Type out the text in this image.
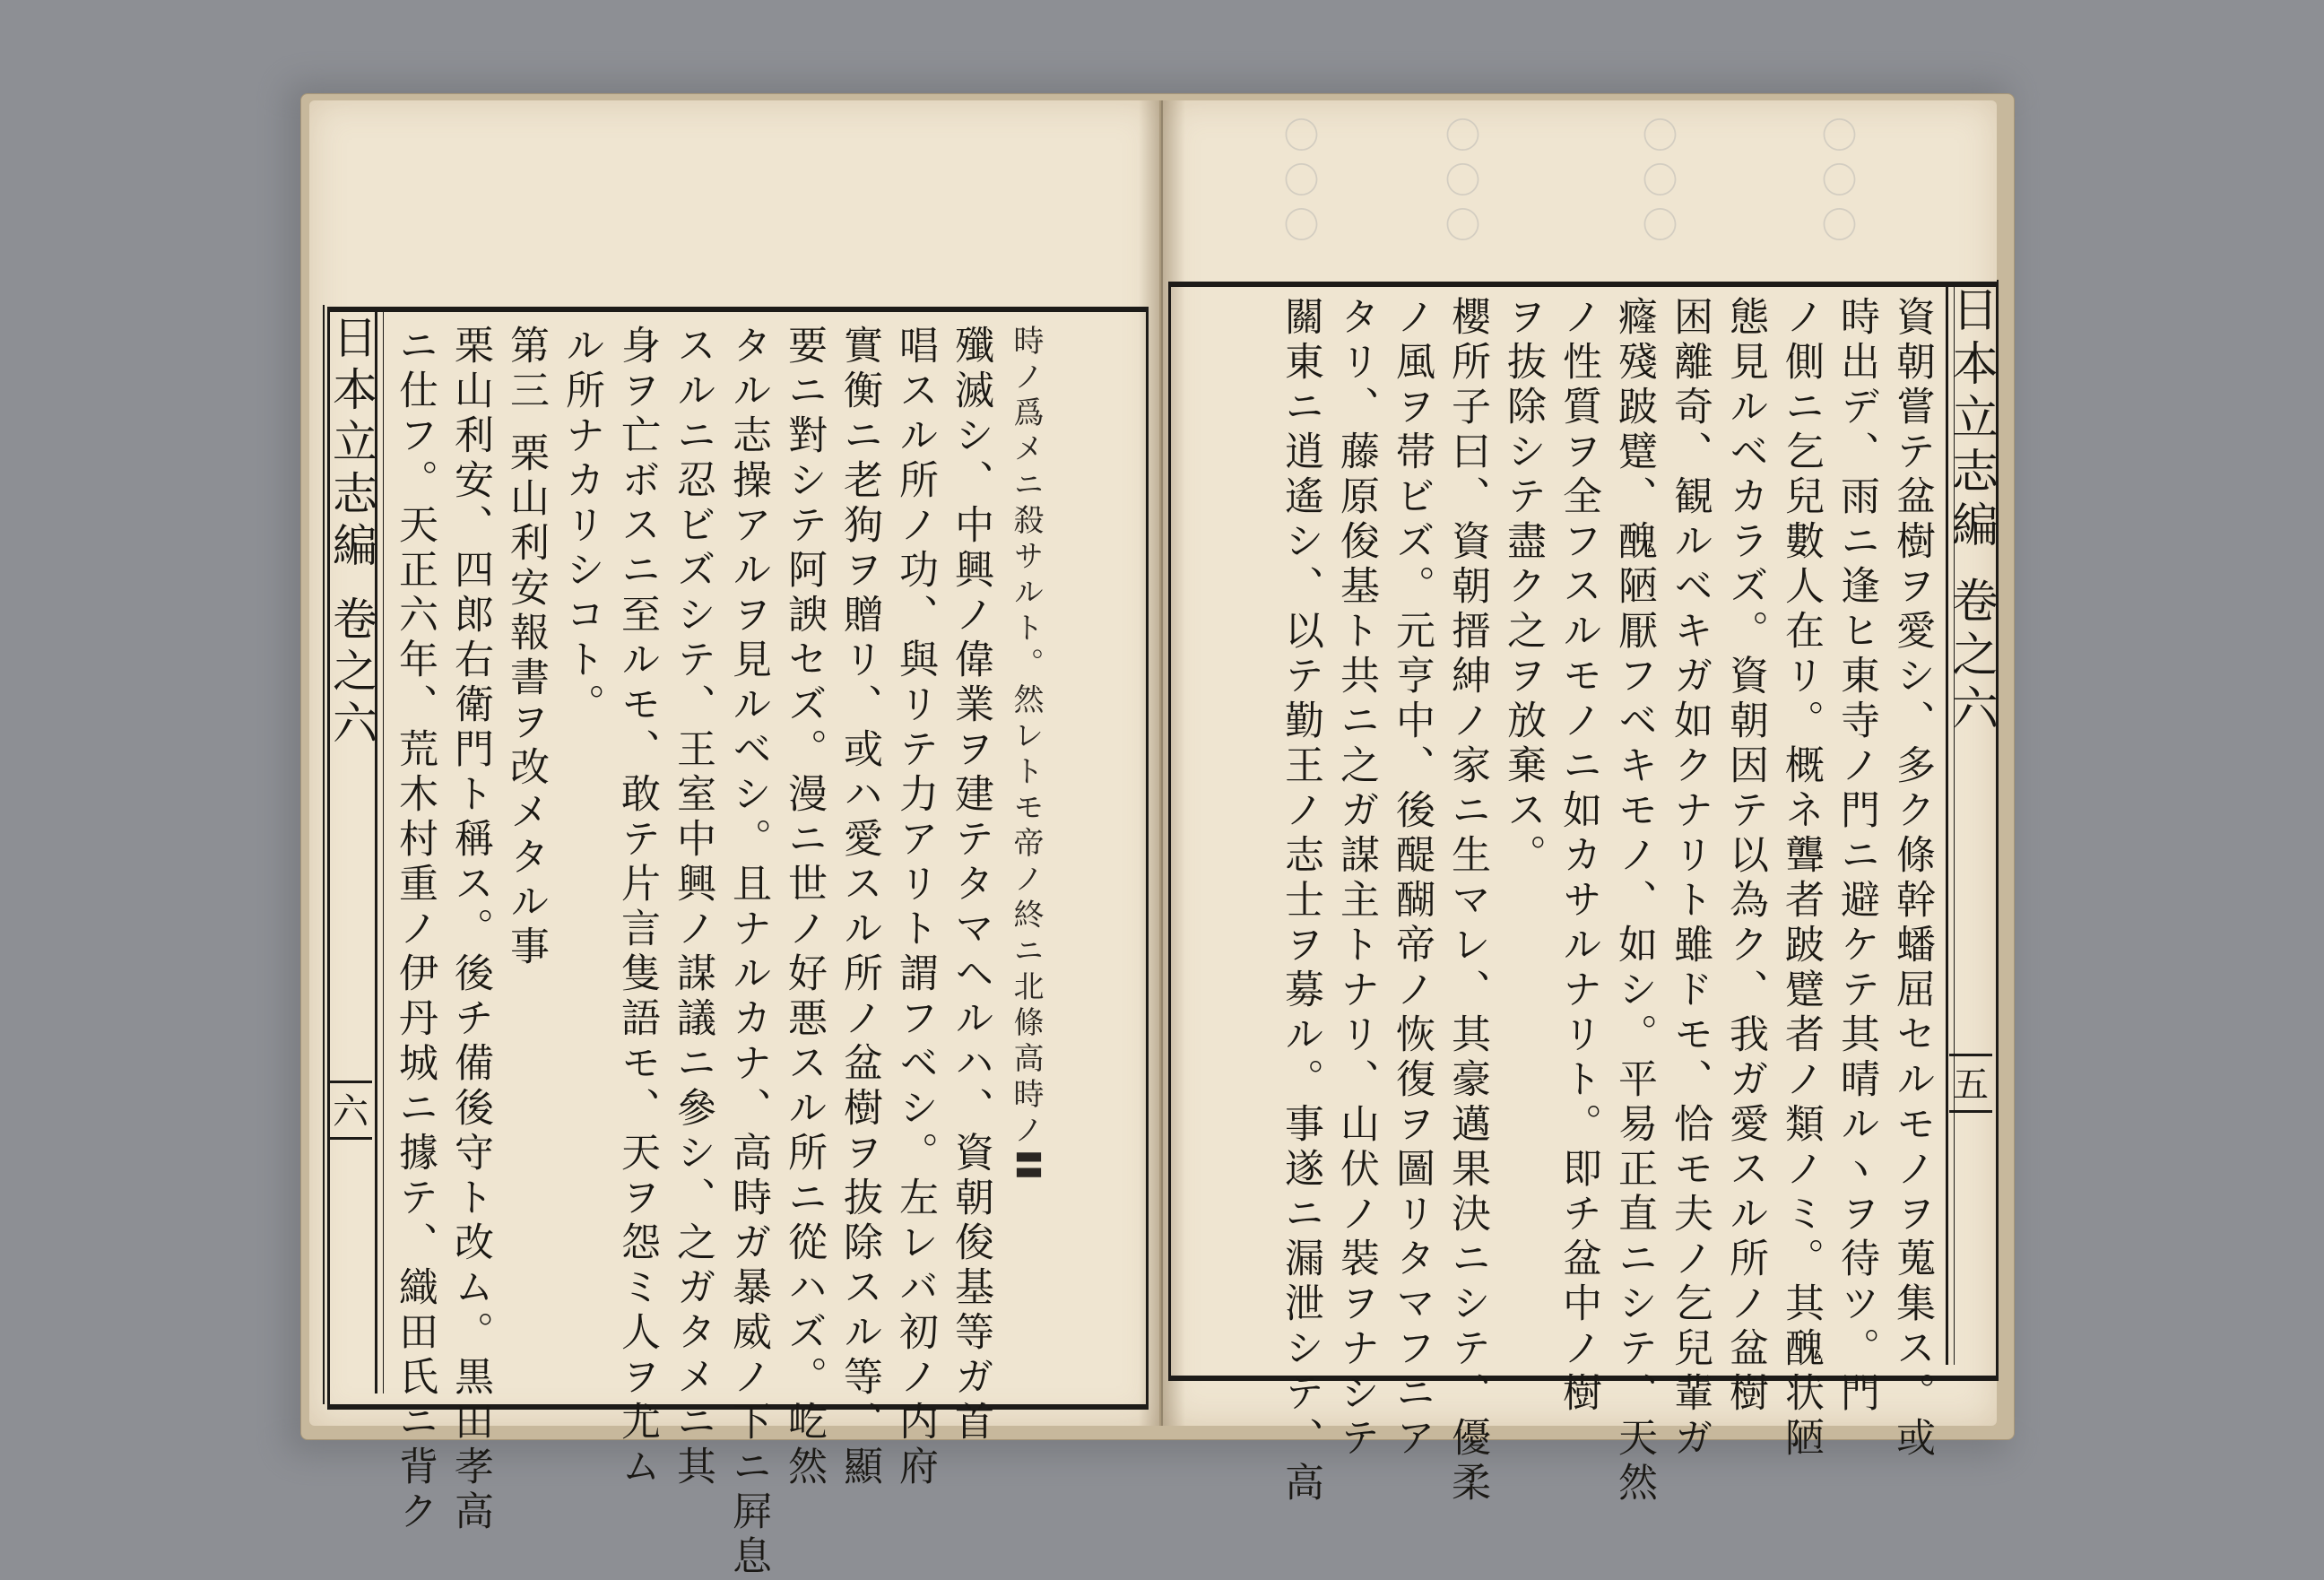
〇〇〇	〇〇〇	〇〇〇	〇〇〇
日本立志編 卷之六
日本立志編 卷之六
五
六	資朝嘗テ盆樹ヲ愛シ、多ク條幹蟠屈セルモノヲ蒐集ス。或
時出デ、雨ニ逢ヒ東寺ノ門ニ避ケテ其晴ルヽヲ待ツ。門
ノ側ニ乞兒數人在リ。概ネ聾者跛躄者ノ類ノミ。其醜状陋
態見ルベカラズ。資朝因テ以為ク、我ガ愛スル所ノ盆樹
困離奇、観ルベキガ如クナリト雖ドモ、恰モ夫ノ乞兒輩ガ
癃殘跛躄、醜陋厭フベキモノ、如シ。平易正直ニシテ、天然
ノ性質ヲ全フスルモノニ如カサルナリト。即チ盆中ノ樹
ヲ抜除シテ盡ク之ヲ放棄ス。
櫻所子曰、資朝搢紳ノ家ニ生マレ、其豪邁果決ニシテ、優柔
ノ風ヲ帯ビズ。元亨中、後醍醐帝ノ恢復ヲ圖リタマフニア
タリ、藤原俊基ト共ニ之ガ謀主トナリ、山伏ノ裝ヲナシテ
關東ニ逍遙シ、以テ勤王ノ志士ヲ募ル。事遂ニ漏泄シテ、高
時ノ爲メニ殺サルト。然レトモ帝ノ終ニ北條高時ノ〓
殲滅シ、中興ノ偉業ヲ建テタマヘルハ、資朝俊基等ガ首
唱スル所ノ功、與リテ力アリト謂フベシ。左レバ初ノ内府
實衡ニ老狗ヲ贈リ、或ハ愛スル所ノ盆樹ヲ抜除スル等、顯
要ニ對シテ阿諛セズ。漫ニ世ノ好悪スル所ニ從ハズ。屹然
タル志操アルヲ見ルベシ。且ナルカナ、高時ガ暴威ノ下ニ屛息
スルニ忍ビズシテ、王室中興ノ謀議ニ參シ、之ガタメニ其
身ヲ亡ボスニ至ルモ、敢テ片言隻語モ、天ヲ怨ミ人ヲ尤ム
ル所ナカリシコト。
第三 栗山利安報書ヲ改メタル事
栗山利安、四郎右衛門ト稱ス。後チ備後守ト改ム。黒田孝高
ニ仕フ。天正六年、荒木村重ノ伊丹城ニ據テ、織田氏ニ背ク
